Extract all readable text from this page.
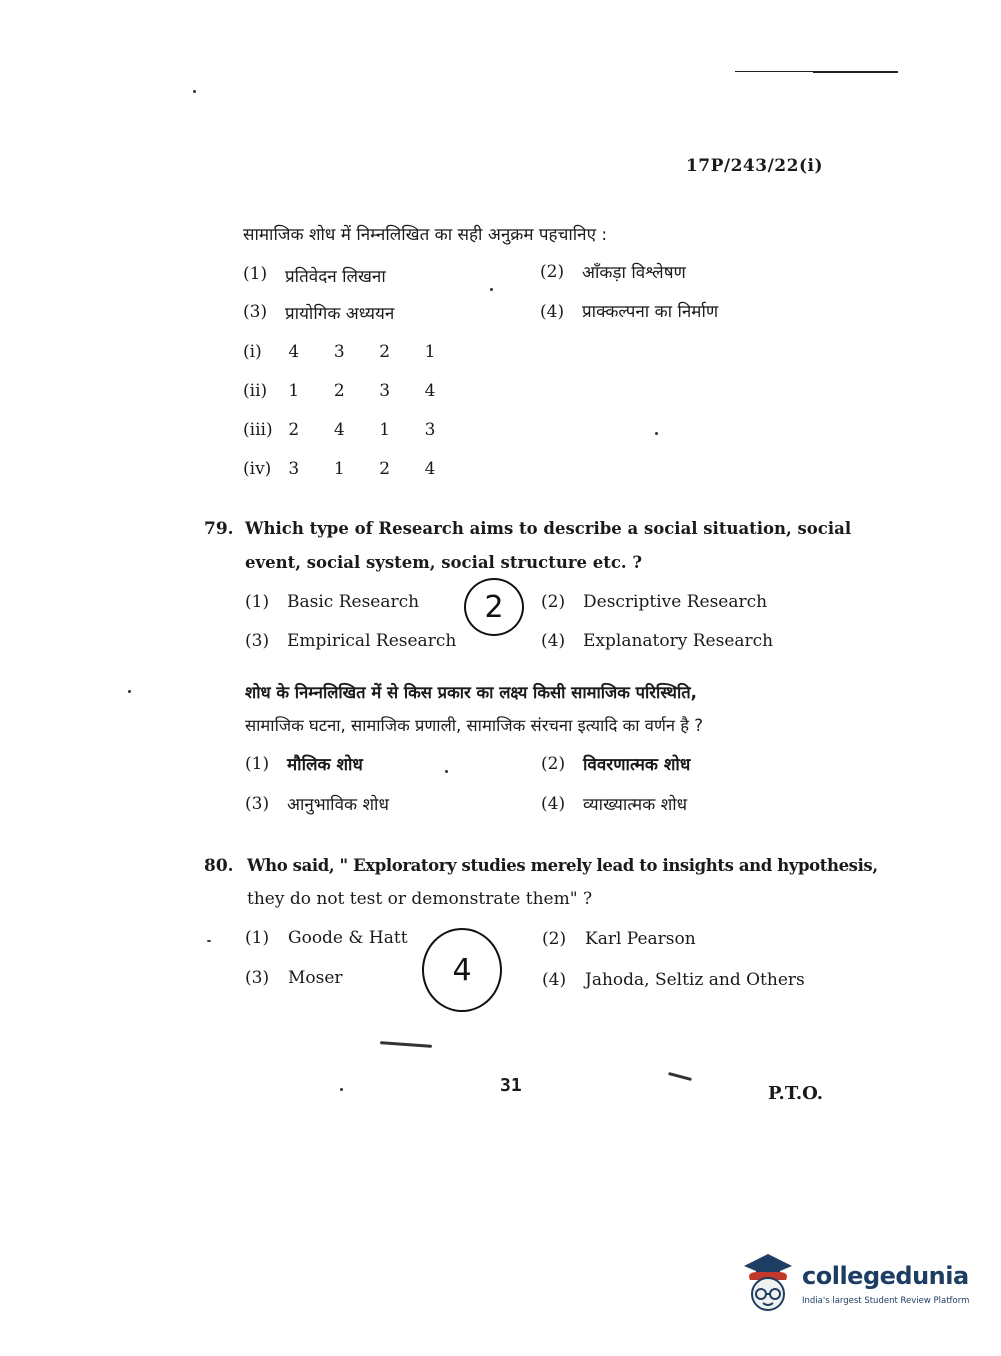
17P/243/22(i)
सामाजिक शोध में निम्नलिखित का सही अनुक्रम पहचानिए :
(1) प्रतिवेदन लिखना	(2) आँकड़ा विश्लेषण
(3) प्रायोगिक अध्ययन	(4) प्राक्कल्पना का निर्माण
(i) 4 3 2 1
(ii) 1 2 3 4
(iii) 2 4 1 3
(iv) 3 1 2 4
79. Which type of Research aims to describe a social situation, social
event, social system, social structure etc. ?
(1) Basic Research	(2) Descriptive Research
(3) Empirical Research	(4) Explanatory Research
2
शोध के निम्नलिखित में से किस प्रकार का लक्ष्य किसी सामाजिक परिस्थिति,
सामाजिक घटना, सामाजिक प्रणाली, सामाजिक संरचना इत्यादि का वर्णन है ?
(1) मौलिक शोध	(2) विवरणात्मक शोध
(3) आनुभाविक शोध	(4) व्याख्यात्मक शोध
80. Who said, " Exploratory studies merely lead to insights and hypothesis,
they do not test or demonstrate them" ?
(1) Goode & Hatt	(2) Karl Pearson
(3) Moser	(4) Jahoda, Seltiz and Others
4
31	P.T.O.
collegedunia
India's largest Student Review Platform
